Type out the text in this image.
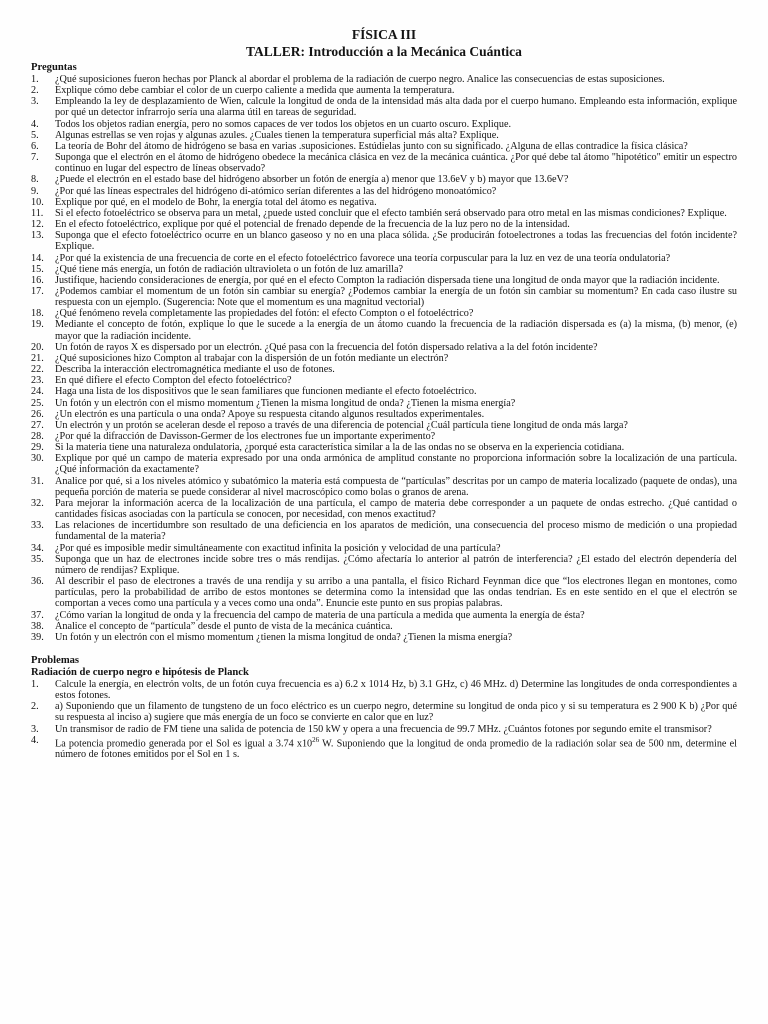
FÍSICA III
TALLER: Introducción a la Mecánica Cuántica
Preguntas
1.	¿Qué suposiciones fueron hechas por Planck al abordar el problema de la radiación de cuerpo negro. Analice las consecuencias de estas suposiciones.
2.	Explique cómo debe cambiar el color de un cuerpo caliente a medida que aumenta la temperatura.
3.	Empleando la ley de desplazamiento de Wien, calcule la longitud de onda de la intensidad más alta dada por el cuerpo humano. Empleando esta información, explique por qué un detector infrarrojo sería una alarma útil en tareas de seguridad.
4.	Todos los objetos radian energía, pero no somos capaces de ver todos los objetos en un cuarto oscuro. Explique.
5.	Algunas estrellas se ven rojas y algunas azules. ¿Cuales tienen la temperatura superficial más alta? Explique.
6.	La teoría de Bohr del átomo de hidrógeno se basa en varias .suposiciones. Estúdielas junto con su significado. ¿Alguna de ellas contradice la física clásica?
7.	Suponga que el electrón en el átomo de hidrógeno obedece la mecánica clásica en vez de la mecánica cuántica. ¿Por qué debe tal átomo "hipotético" emitir un espectro continuo en lugar del espectro de líneas observado?
8.	¿Puede el electrón en el estado base del hidrógeno absorber un fotón de energía a) menor que 13.6eV y b) mayor que 13.6eV?
9.	¿Por qué las líneas espectrales del hidrógeno di-atómico serían diferentes a las del hidrógeno monoatómico?
10.	Explique por qué, en el modelo de Bohr, la energía total del átomo es negativa.
11.	Si el efecto fotoeléctrico se observa para un metal, ¿puede usted concluir que el efecto también será observado para otro metal en las mismas condiciones? Explique.
12.	En el efecto fotoeléctrico, explique por qué el potencial de frenado depende de la frecuencia de la luz pero no de la intensidad.
13.	Suponga que el efecto fotoeléctrico ocurre en un blanco gaseoso y no en una placa sólida. ¿Se producirán fotoelectrones a todas las frecuencias del fotón incidente? Explique.
14.	¿Por qué la existencia de una frecuencia de corte en el efecto fotoeléctrico favorece una teoría corpuscular para la luz en vez de una teoría ondulatoria?
15.	¿Qué tiene más energía, un fotón de radiación ultravioleta o un fotón de luz amarilla?
16.	Justifique, haciendo consideraciones de energía, por qué en el efecto Compton la radiación dispersada tiene una longitud de onda mayor que la radiación incidente.
17.	¿Podemos cambiar el momentum de un fotón sin cambiar su energía? ¿Podemos cambiar la energía de un fotón sin cambiar su momentum? En cada caso ilustre su respuesta con un ejemplo. (Sugerencia: Note que el momentum es una magnitud vectorial)
18.	¿Qué fenómeno revela completamente las propiedades del fotón: el efecto Compton o el fotoeléctrico?
19.	Mediante el concepto de fotón, explique lo que le sucede a la energía de un átomo cuando la frecuencia de la radiación dispersada es (a) la misma, (b) menor, (e) mayor que la radiación incidente.
20.	Un fotón de rayos X es dispersado por un electrón. ¿Qué pasa con la frecuencia del fotón dispersado relativa a la del fotón incidente?
21.	¿Qué suposiciones hizo Compton al trabajar con la dispersión de un fotón mediante un electrón?
22.	Describa la interacción electromagnética mediante el uso de fotones.
23.	En qué difiere el efecto Compton del efecto fotoeléctrico?
24.	Haga una lista de los dispositivos que le sean familiares que funcionen mediante el efecto fotoeléctrico.
25.	Un fotón y un electrón con el mismo momentum ¿Tienen la misma longitud de onda? ¿Tienen la misma energía?
26.	¿Un electrón es una partícula o una onda? Apoye su respuesta citando algunos resultados experimentales.
27.	Un electrón y un protón se aceleran desde el reposo a través de una diferencia de potencial ¿Cuál partícula tiene longitud de onda más larga?
28.	¿Por qué la difracción de Davisson-Germer de los electrones fue un importante experimento?
29.	Si la materia tiene una naturaleza ondulatoria, ¿porqué esta característica similar a la de las ondas no se observa en la experiencia cotidiana.
30.	Explique por qué un campo de materia expresado por una onda armónica de amplitud constante no proporciona información sobre la localización de una partícula. ¿Qué información da exactamente?
31.	Analice por qué, si a los niveles atómico y subatómico la materia está compuesta de “partículas” descritas por un campo de materia localizado (paquete de ondas), una pequeña porción de materia se puede considerar al nivel macroscópico como bolas o granos de arena.
32.	Para mejorar la información acerca de la localización de una partícula, el campo de materia debe corresponder a un paquete de ondas estrecho. ¿Qué cantidad o cantidades físicas asociadas con la partícula se conocen, por necesidad, con menos exactitud?
33.	Las relaciones de incertidumbre son resultado de una deficiencia en los aparatos de medición, una consecuencia del proceso mismo de medición o una propiedad fundamental de la materia?
34.	¿Por qué es imposible medir simultáneamente con exactitud infinita la posición y velocidad de una partícula?
35.	Suponga que un haz de electrones incide sobre tres o más rendijas. ¿Cómo afectaría lo anterior al patrón de interferencia? ¿El estado del electrón dependería del número de rendijas? Explique.
36.	Al describir el paso de electrones a través de una rendija y su arribo a una pantalla, el físico Richard Feynman dice que “los electrones llegan en montones, como partículas, pero la probabilidad de arribo de estos montones se determina como la intensidad que las ondas tendrían. Es en este sentido en el que el electrón se comportan a veces como una partícula y a veces como una onda”. Enuncie este punto en sus propias palabras.
37.	¿Cómo varían la longitud de onda y la frecuencia del campo de materia de una partícula a medida que aumenta la energía de ésta?
38.	Analice el concepto de “partícula” desde el punto de vista de la mecánica cuántica.
39.	Un fotón y un electrón con el mismo momentum ¿tienen la misma longitud de onda? ¿Tienen la misma energía?
Problemas
Radiación de cuerpo negro e hipótesis de Planck
1.	Calcule la energía, en electrón volts, de un fotón cuya frecuencia es a) 6.2 x 1014 Hz, b) 3.1 GHz, c) 46 MHz. d) Determine las longitudes de onda correspondientes a estos fotones.
2.	a) Suponiendo que un filamento de tungsteno de un foco eléctrico es un cuerpo negro, determine su longitud de onda pico y si su temperatura es 2 900 K b) ¿Por qué su respuesta al inciso a) sugiere que más energía de un foco se convierte en calor que en luz?
3.	Un transmisor de radio de FM tiene una salida de potencia de 150 kW y opera a una frecuencia de 99.7 MHz. ¿Cuántos fotones por segundo emite el transmisor?
4.	La potencia promedio generada por el Sol es igual a 3.74 $x10^{26}$ W. Suponiendo que la longitud de onda promedio de la radiación solar sea de 500 nm, determine el número de fotones emitidos por el Sol en 1 s.
